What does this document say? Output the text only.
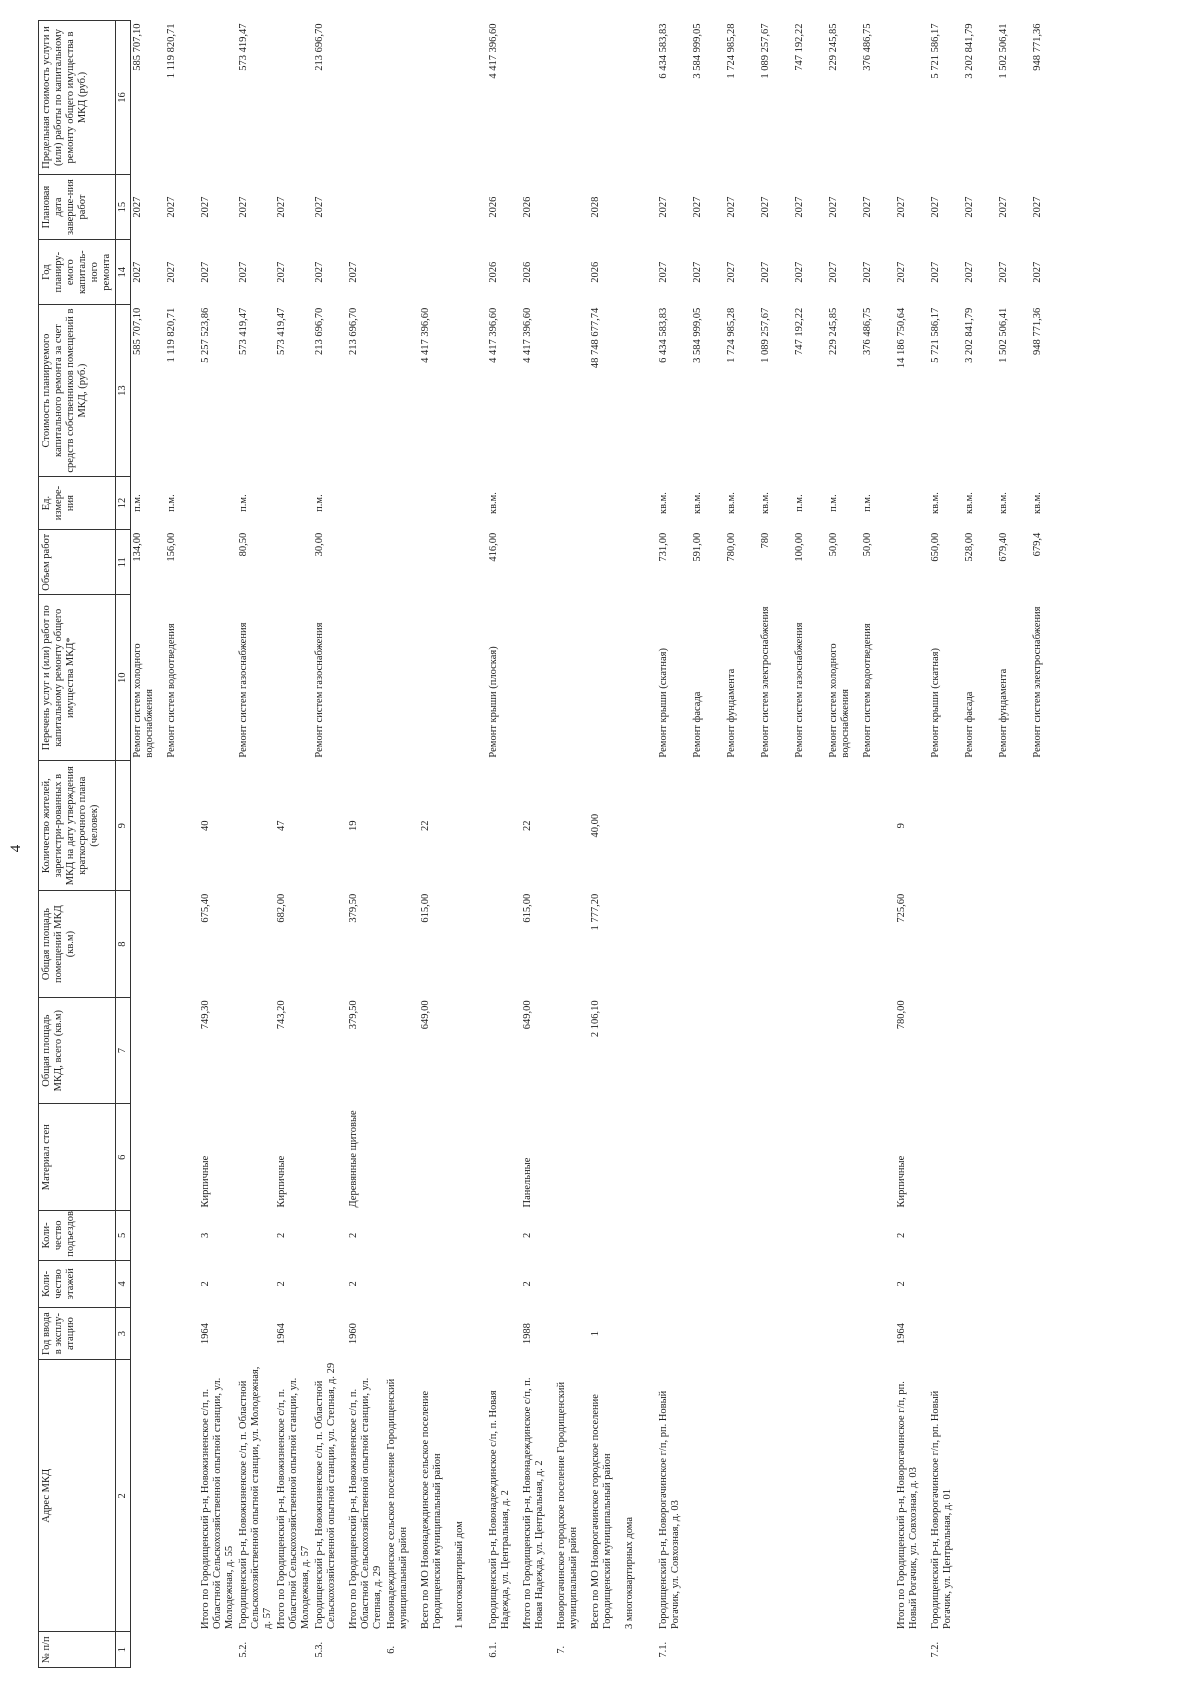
4
№ п/п	Адрес МКД	Год ввода в эксплу-атацию	Коли-чество этажей	Коли-чество подъездов	Материал стен	Общая площадь МКД, всего (кв.м)	Общая площадь помещений МКД (кв.м)	Количество жителей, зарегистри-рованных в МКД на дату утверждения краткосрочного плана (человек)	Перечень услуг и (или) работ по капитальному ремонту общего имущества МКД*	Объем работ	Ед. измере-ния	Стоимость планируемого капитального ремонта за счет средств собственников помещений в МКД, (руб.)	Год планиру-емого капиталь-ного ремонта	Плановая дата заверше-ния работ	Предельная стоимость услуги и (или) работы по капитальному ремонту общего имущества в МКД (руб.)
1	2	3	4	5	6	7	8	9	10	11	12	13	14	15	16
									Ремонт систем холодного водоснабжения	134,00	п.м.	585 707,10	2027	2027	585 707,10
									Ремонт систем водоотведения	156,00	п.м.	1 119 820,71	2027	2027	1 119 820,71
	Итого по Городищенский р-н, Новожизненское с/п, п. Областной Сельскохозяйственной опытной станции, ул. Молодежная, д. 55	1964	2	3	Кирпичные	749,30	675,40	40				5 257 523,86	2027	2027	
5.2.	Городищенский р-н, Новожизненское с/п, п. Областной Сельскохозяйственной опытной станции, ул. Молодежная, д. 57								Ремонт систем газоснабжения	80,50	п.м.	573 419,47	2027	2027	573 419,47
	Итого по Городищенский р-н, Новожизненское с/п, п. Областной Сельскохозяйственной опытной станции, ул. Молодежная, д. 57	1964	2	2	Кирпичные	743,20	682,00	47				573 419,47	2027	2027	
5.3.	Городищенский р-н, Новожизненское с/п, п. Областной Сельскохозяйственной опытной станции, ул. Степная, д. 29								Ремонт систем газоснабжения	30,00	п.м.	213 696,70	2027	2027	213 696,70
	Итого по Городищенский р-н, Новожизненское с/п, п. Областной Сельскохозяйственной опытной станции, ул. Степная, д. 29	1960	2	2	Деревянные щитовые	379,50	379,50	19				213 696,70	2027		
6.	Новонадеждинское сельское поселение Городищенский муниципальный район														
	Всего по МО Новонадеждинское сельское поселение Городищенский муниципальный район					649,00	615,00	22				4 417 396,60			
	1 многоквартирный дом														
6.1.	Городищенский р-н, Новонадеждинское с/п, п. Новая Надежда, ул. Центральная, д. 2								Ремонт крыши (плоская)	416,00	кв.м.	4 417 396,60	2026	2026	4 417 396,60
	Итого по Городищенский р-н, Новонадеждинское с/п, п. Новая Надежда, ул. Центральная, д. 2	1988	2	2	Панельные	649,00	615,00	22				4 417 396,60	2026	2026	
7.	Новорогачинское городское поселение Городищенский муниципальный район														
	Всего по МО Новорогачинское городское поселение Городищенский муниципальный район	1				2 106,10	1 777,20	40,00				48 748 677,74	2026	2028	
	3 многоквартирных дома														
7.1.	Городищенский р-н, Новорогачинское г/п, рп. Новый Рогачик, ул. Совхозная, д. 03								Ремонт крыши (скатная)	731,00	кв.м.	6 434 583,83	2027	2027	6 434 583,83
									Ремонт фасада	591,00	кв.м.	3 584 999,05	2027	2027	3 584 999,05
									Ремонт фундамента	780,00	кв.м.	1 724 985,28	2027	2027	1 724 985,28
									Ремонт систем электроснабжения	780	кв.м.	1 089 257,67	2027	2027	1 089 257,67
									Ремонт систем газоснабжения	100,00	п.м.	747 192,22	2027	2027	747 192,22
									Ремонт систем холодного водоснабжения	50,00	п.м.	229 245,85	2027	2027	229 245,85
									Ремонт систем водоотведения	50,00	п.м.	376 486,75	2027	2027	376 486,75
	Итого по Городищенский р-н, Новорогачинское г/п, рп. Новый Рогачик, ул. Совхозная, д. 03	1964	2	2	Кирпичные	780,00	725,60	9				14 186 750,64	2027	2027	
7.2.	Городищенский р-н, Новорогачинское г/п, рп. Новый Рогачик, ул. Центральная, д. 01								Ремонт крыши (скатная)	650,00	кв.м.	5 721 586,17	2027	2027	5 721 586,17
									Ремонт фасада	528,00	кв.м.	3 202 841,79	2027	2027	3 202 841,79
									Ремонт фундамента	679,40	кв.м.	1 502 506,41	2027	2027	1 502 506,41
									Ремонт систем электроснабжения	679,4	кв.м.	948 771,36	2027	2027	948 771,36
